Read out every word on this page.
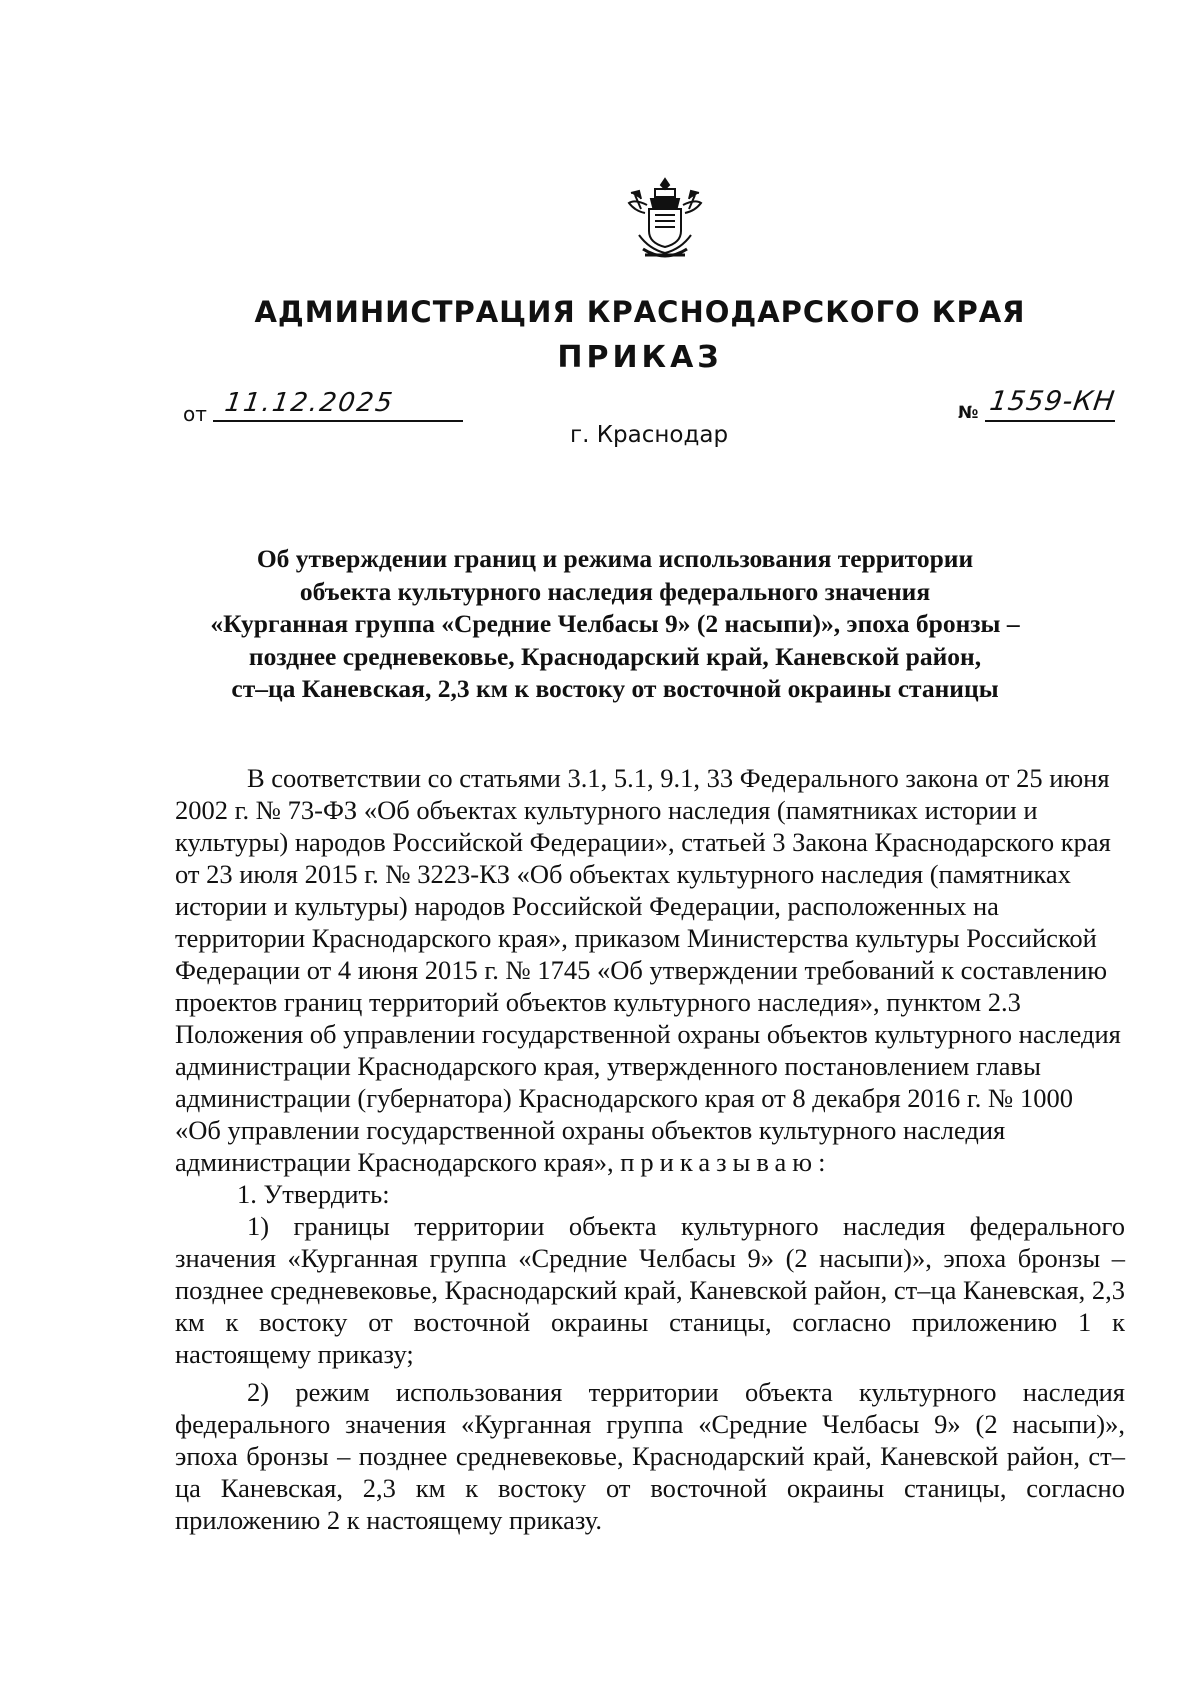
АДМИНИСТРАЦИЯ КРАСНОДАРСКОГО КРАЯ
ПРИКАЗ
от 11.12.2025
г. Краснодар
№ 1559-КН
Об утверждении границ и режима использования территории
объекта культурного наследия федерального значения
«Курганная группа «Средние Челбасы 9» (2 насыпи)», эпоха бронзы –
позднее средневековье, Краснодарский край, Каневской район,
ст–ца Каневская, 2,3 км к востоку от восточной окраины станицы

В соответствии со статьями 3.1, 5.1, 9.1, 33 Федерального закона от 25 июня 2002 г. № 73-ФЗ «Об объектах культурного наследия (памятниках истории и культуры) народов Российской Федерации», статьей 3 Закона Краснодарского края от 23 июля 2015 г. № 3223-КЗ «Об объектах культурного наследия (памятниках истории и культуры) народов Российской Федерации, расположенных на территории Краснодарского края», приказом Министерства культуры Российской Федерации от 4 июня 2015 г. № 1745 «Об утверждении требований к составлению проектов границ территорий объектов культурного наследия», пунктом 2.3 Положения об управлении государственной охраны объектов культурного наследия администрации Краснодарского края, утвержденного постановлением главы администрации (губернатора) Краснодарского края от 8 декабря 2016 г. № 1000 «Об управлении государственной охраны объектов культурного наследия администрации Краснодарского края», приказываю:

1. Утвердить:

1) границы территории объекта культурного наследия федерального значения «Курганная группа «Средние Челбасы 9» (2 насыпи)», эпоха бронзы – позднее средневековье, Краснодарский край, Каневской район, ст–ца Каневская, 2,3 км к востоку от восточной окраины станицы, согласно приложению 1 к настоящему приказу;

2) режим использования территории объекта культурного наследия федерального значения «Курганная группа «Средние Челбасы 9» (2 насыпи)», эпоха бронзы – позднее средневековье, Краснодарский край, Каневской район, ст–ца Каневская, 2,3 км к востоку от восточной окраины станицы, согласно приложению 2 к настоящему приказу.
